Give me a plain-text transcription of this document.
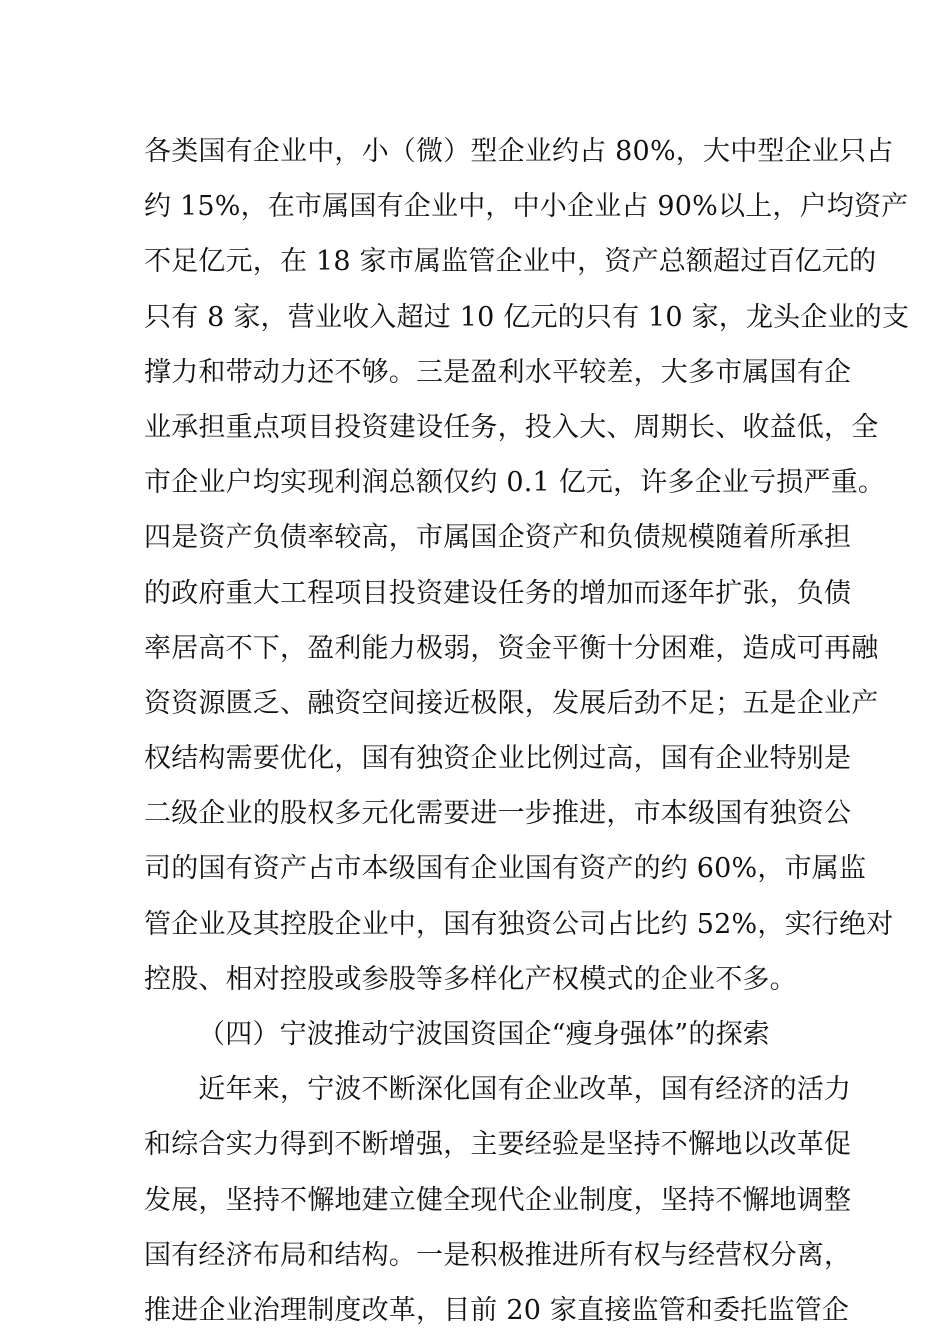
各类国有企业中，小（微）型企业约占 80%，大中型企业只占
约 15%，在市属国有企业中，中小企业占 90%以上，户均资产
不足亿元，在 18 家市属监管企业中，资产总额超过百亿元的
只有 8 家，营业收入超过 10 亿元的只有 10 家，龙头企业的支
撑力和带动力还不够。三是盈利水平较差，大多市属国有企
业承担重点项目投资建设任务，投入大、周期长、收益低，全
市企业户均实现利润总额仅约 0.1 亿元，许多企业亏损严重。
四是资产负债率较高，市属国企资产和负债规模随着所承担
的政府重大工程项目投资建设任务的增加而逐年扩张，负债
率居高不下，盈利能力极弱，资金平衡十分困难，造成可再融
资资源匮乏、融资空间接近极限，发展后劲不足；五是企业产
权结构需要优化，国有独资企业比例过高，国有企业特别是
二级企业的股权多元化需要进一步推进，市本级国有独资公
司的国有资产占市本级国有企业国有资产的约 60%，市属监
管企业及其控股企业中，国有独资公司占比约 52%，实行绝对
控股、相对控股或参股等多样化产权模式的企业不多。
（四）宁波推动宁波国资国企“瘦身强体”的探索
　　近年来，宁波不断深化国有企业改革，国有经济的活力
和综合实力得到不断增强，主要经验是坚持不懈地以改革促
发展，坚持不懈地建立健全现代企业制度，坚持不懈地调整
国有经济布局和结构。一是积极推进所有权与经营权分离，
推进企业治理制度改革，目前 20 家直接监管和委托监管企
